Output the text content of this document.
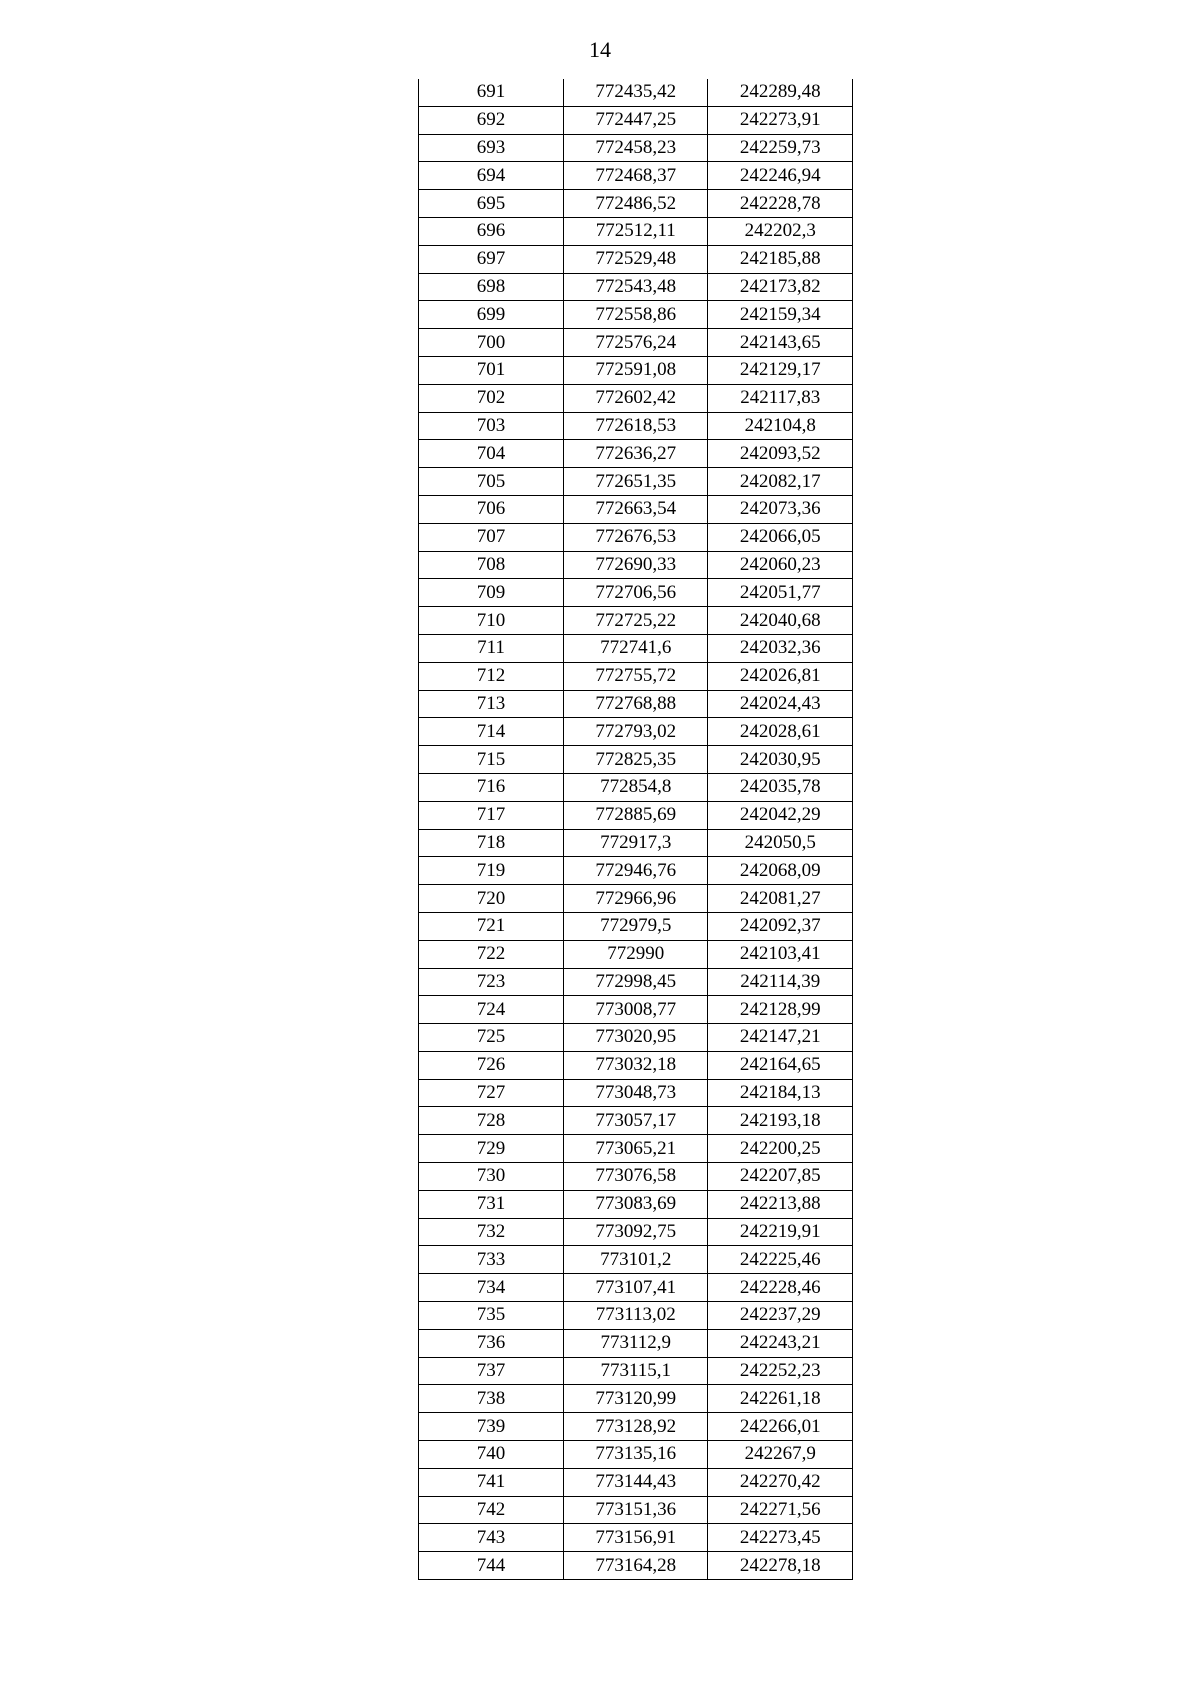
14
691	772435,42	242289,48
692	772447,25	242273,91
693	772458,23	242259,73
694	772468,37	242246,94
695	772486,52	242228,78
696	772512,11	242202,3
697	772529,48	242185,88
698	772543,48	242173,82
699	772558,86	242159,34
700	772576,24	242143,65
701	772591,08	242129,17
702	772602,42	242117,83
703	772618,53	242104,8
704	772636,27	242093,52
705	772651,35	242082,17
706	772663,54	242073,36
707	772676,53	242066,05
708	772690,33	242060,23
709	772706,56	242051,77
710	772725,22	242040,68
711	772741,6	242032,36
712	772755,72	242026,81
713	772768,88	242024,43
714	772793,02	242028,61
715	772825,35	242030,95
716	772854,8	242035,78
717	772885,69	242042,29
718	772917,3	242050,5
719	772946,76	242068,09
720	772966,96	242081,27
721	772979,5	242092,37
722	772990	242103,41
723	772998,45	242114,39
724	773008,77	242128,99
725	773020,95	242147,21
726	773032,18	242164,65
727	773048,73	242184,13
728	773057,17	242193,18
729	773065,21	242200,25
730	773076,58	242207,85
731	773083,69	242213,88
732	773092,75	242219,91
733	773101,2	242225,46
734	773107,41	242228,46
735	773113,02	242237,29
736	773112,9	242243,21
737	773115,1	242252,23
738	773120,99	242261,18
739	773128,92	242266,01
740	773135,16	242267,9
741	773144,43	242270,42
742	773151,36	242271,56
743	773156,91	242273,45
744	773164,28	242278,18
